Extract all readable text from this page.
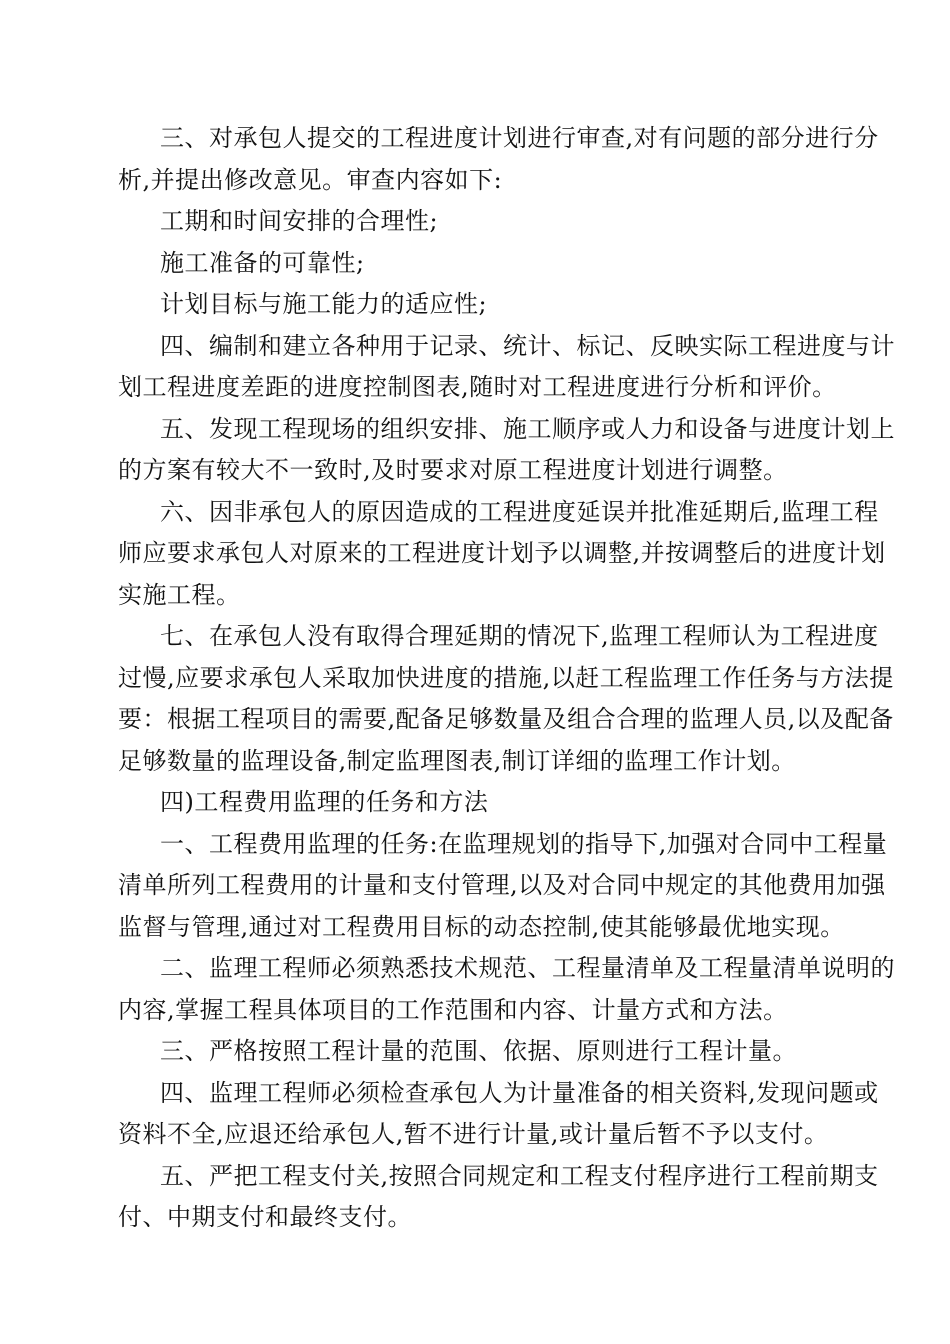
三、对承包人提交的工程进度计划进行审查,对有问题的部分进行分
析,并提出修改意见。审查内容如下:
工期和时间安排的合理性;
施工准备的可靠性;
计划目标与施工能力的适应性;
四、编制和建立各种用于记录、统计、标记、反映实际工程进度与计
划工程进度差距的进度控制图表,随时对工程进度进行分析和评价。
五、发现工程现场的组织安排、施工顺序或人力和设备与进度计划上
的方案有较大不一致时,及时要求对原工程进度计划进行调整。
六、因非承包人的原因造成的工程进度延误并批准延期后,监理工程
师应要求承包人对原来的工程进度计划予以调整,并按调整后的进度计划
实施工程。
七、在承包人没有取得合理延期的情况下,监理工程师认为工程进度
过慢,应要求承包人采取加快进度的措施,以赶工程监理工作任务与方法提
要：根据工程项目的需要,配备足够数量及组合合理的监理人员,以及配备
足够数量的监理设备,制定监理图表,制订详细的监理工作计划。
四)工程费用监理的任务和方法
一、工程费用监理的任务:在监理规划的指导下,加强对合同中工程量
清单所列工程费用的计量和支付管理,以及对合同中规定的其他费用加强
监督与管理,通过对工程费用目标的动态控制,使其能够最优地实现。
二、监理工程师必须熟悉技术规范、工程量清单及工程量清单说明的
内容,掌握工程具体项目的工作范围和内容、计量方式和方法。
三、严格按照工程计量的范围、依据、原则进行工程计量。
四、监理工程师必须检查承包人为计量准备的相关资料,发现问题或
资料不全,应退还给承包人,暂不进行计量,或计量后暂不予以支付。
五、严把工程支付关,按照合同规定和工程支付程序进行工程前期支
付、中期支付和最终支付。
